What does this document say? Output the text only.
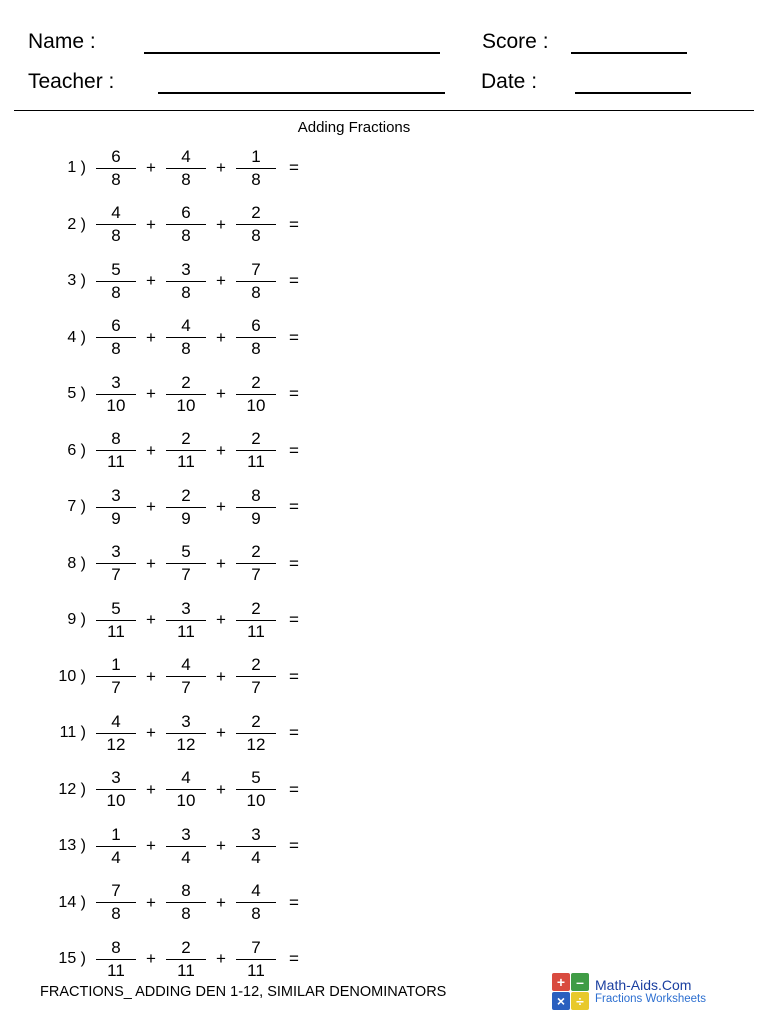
Name :	Score :
Teacher :	Date :
Adding Fractions
1 ) $\frac{6}{8} + \frac{4}{8} + \frac{1}{8}$ =
2 ) $\frac{4}{8} + \frac{6}{8} + \frac{2}{8}$ =
3 ) $\frac{5}{8} + \frac{3}{8} + \frac{7}{8}$ =
4 ) $\frac{6}{8} + \frac{4}{8} + \frac{6}{8}$ =
5 ) $\frac{3}{10} + \frac{2}{10} + \frac{2}{10}$ =
6 ) $\frac{8}{11} + \frac{2}{11} + \frac{2}{11}$ =
7 ) $\frac{3}{9} + \frac{2}{9} + \frac{8}{9}$ =
8 ) $\frac{3}{7} + \frac{5}{7} + \frac{2}{7}$ =
9 ) $\frac{5}{11} + \frac{3}{11} + \frac{2}{11}$ =
10 ) $\frac{1}{7} + \frac{4}{7} + \frac{2}{7}$ =
11 ) $\frac{4}{12} + \frac{3}{12} + \frac{2}{12}$ =
12 ) $\frac{3}{10} + \frac{4}{10} + \frac{5}{10}$ =
13 ) $\frac{1}{4} + \frac{3}{4} + \frac{3}{4}$ =
14 ) $\frac{7}{8} + \frac{8}{8} + \frac{4}{8}$ =
15 ) $\frac{8}{11} + \frac{2}{11} + \frac{7}{11}$ =
FRACTIONS_ ADDING DEN 1-12, SIMILAR DENOMINATORS
+ –
× ÷
Math-Aids.Com
Fractions Worksheets
